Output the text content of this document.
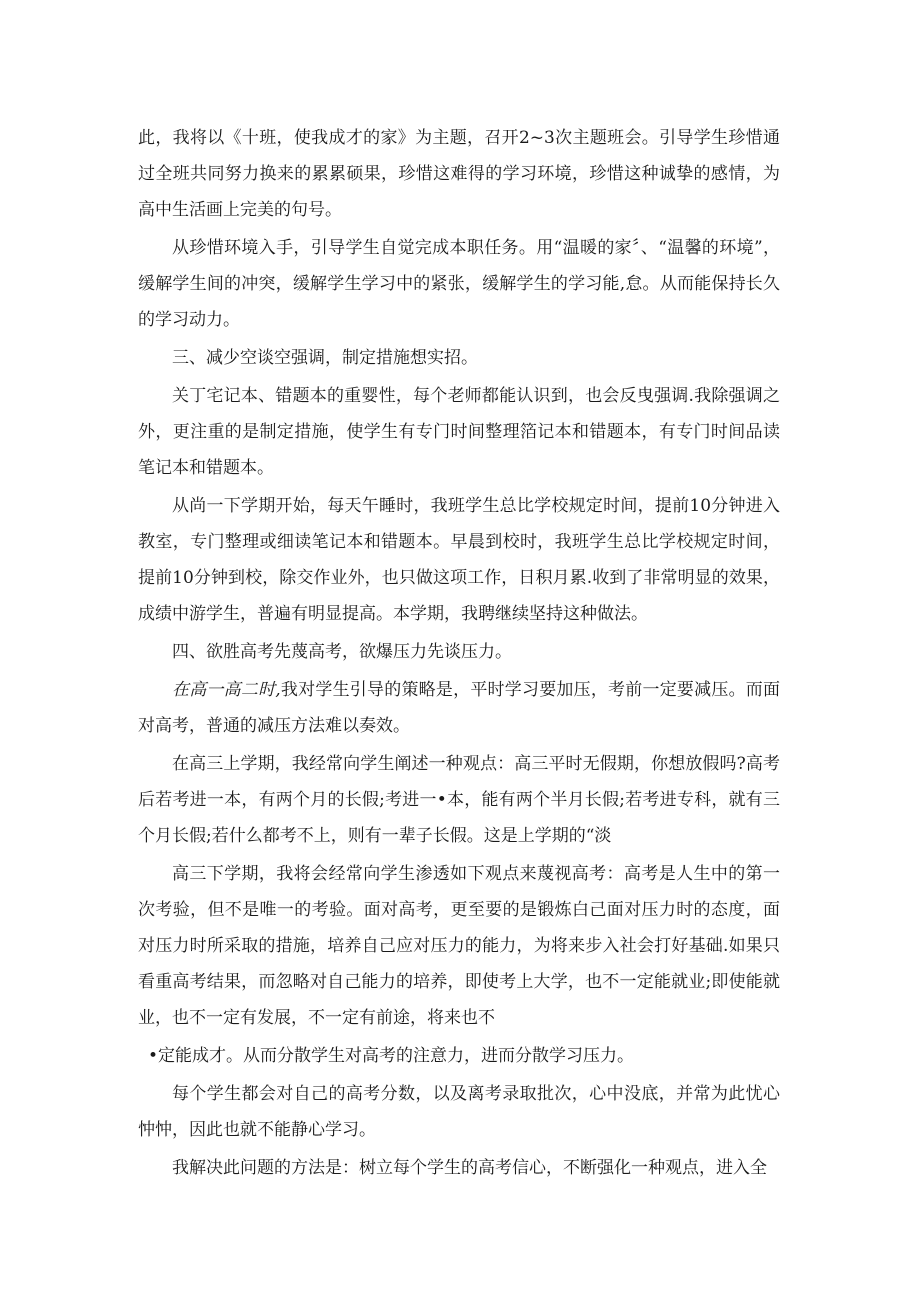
此，我将以《十班，使我成才的家》为主题，召开2~3次主题班会。引导学生珍惜通过全班共同努力换来的累累硕果，珍惜这难得的学习环境，珍惜这种诚挚的感情，为高中生活画上完美的句号。

从珍惜环境入手，引导学生自觉完成本职任务。用“温暖的家〞、“温馨的环境”，缓解学生间的冲突，缓解学生学习中的紧张，缓解学生的学习能,怠。从而能保持长久的学习动力。

三、减少空谈空强调，制定措施想实招。

关丁宅记本、错题本的重婴性，每个老师都能认识到，也会反曳强调.我除强调之外，更注重的是制定措施，使学生有专门时间整理箔记本和错题本，有专门时间品读笔记本和错题本。

从尚一下学期开始，每天午睡时，我班学生总比学校规定时间，提前10分钟进入教室，专门整理或细读笔记本和错题本。早晨到校时，我班学生总比学校规定时间，提前10分钟到校，除交作业外，也只做这项工作，日积月累.收到了非常明显的效果，成绩中游学生，普遍有明显提高。本学期，我聘继续坚持这种做法。

四、欲胜高考先蔑高考，欲爆压力先谈压力。

在高一高二时,我对学生引导的策略是，平时学习要加压，考前一定要减压。而面对高考，普通的减压方法难以奏效。

在高三上学期，我经常向学生阐述一种观点：高三平时无假期，你想放假吗?高考后若考进一本，有两个月的长假;考进一•本，能有两个半月长假;若考进专科，就有三个月长假;若什么都考不上，则有一辈子长假。这是上学期的“淡

高三下学期，我将会经常向学生渗透如下观点来蔑视高考：高考是人生中的第一次考验，但不是唯一的考验。面对高考，更至要的是锻炼白己面对压力时的态度，面对压力时所采取的措施，培养自己应对压力的能力，为将来步入社会打好基础.如果只看重高考结果，而忽略对自己能力的培养，即使考上大学，也不一定能就业;即使能就业，也不一定有发展，不一定有前途，将来也不

•定能成才。从而分散学生对高考的注意力，进而分散学习压力。

每个学生都会对自己的高考分数，以及离考录取批次，心中没底，并常为此忧心忡忡，因此也就不能静心学习。

我解决此问题的方法是：树立每个学生的高考信心，不断强化一种观点，进入全
